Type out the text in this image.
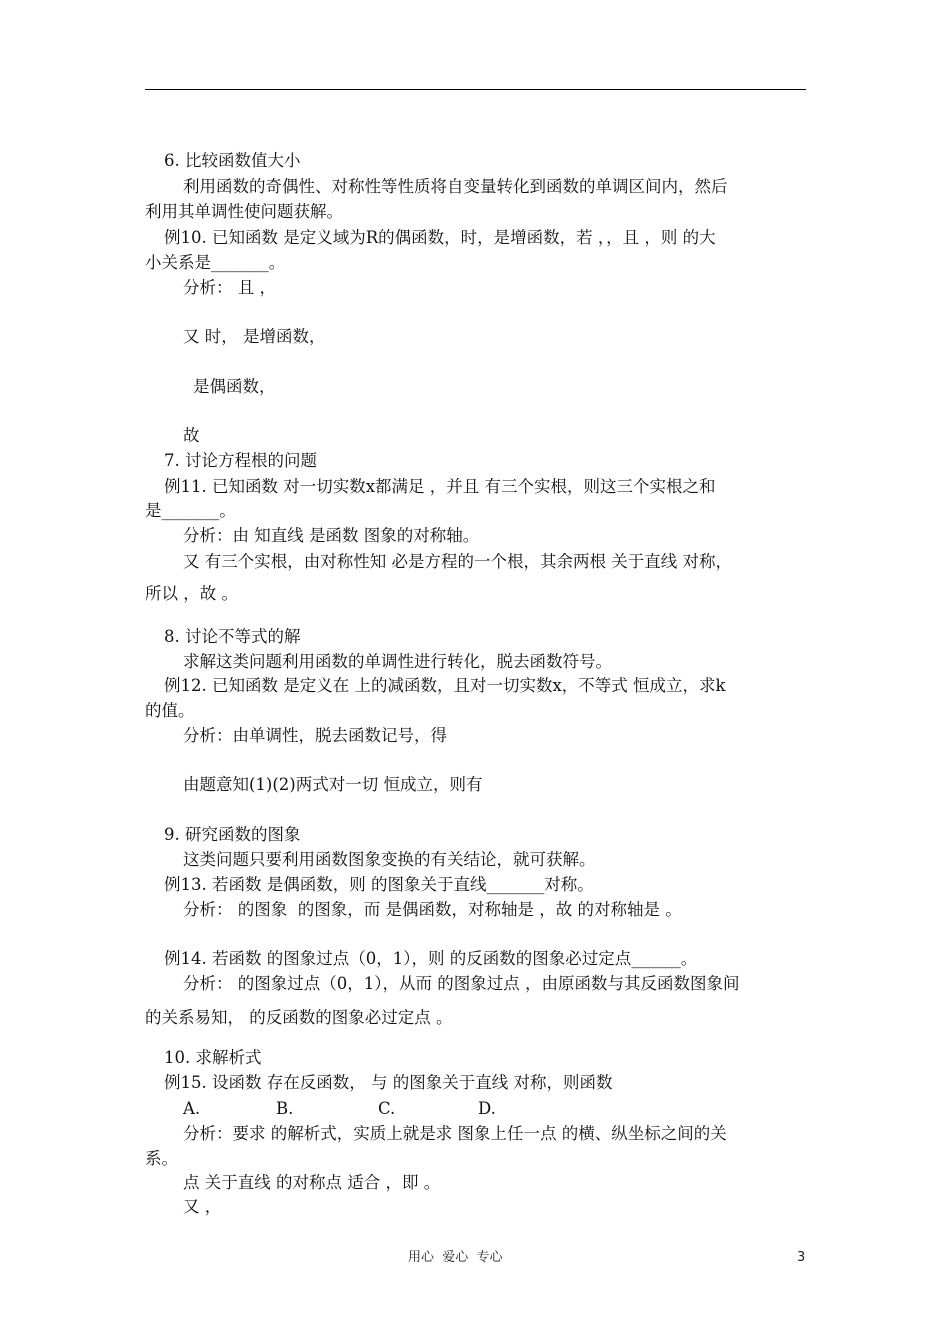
6. 比较函数值大小
利用函数的奇偶性、对称性等性质将自变量转化到函数的单调区间内，然后
利用其单调性使问题获解。
例10. 已知函数 是定义域为R的偶函数，时，是增函数，若 ，，且 ，则 的大
小关系是_______。
分析： 且 ，
又 时， 是增函数，
是偶函数，
故
7. 讨论方程根的问题
例11. 已知函数 对一切实数x都满足 ，并且 有三个实根，则这三个实根之和
是_______。
分析：由 知直线 是函数 图象的对称轴。
又 有三个实根，由对称性知 必是方程的一个根，其余两根 关于直线 对称，
所以 ，故 。
8. 讨论不等式的解
求解这类问题利用函数的单调性进行转化，脱去函数符号。
例12. 已知函数 是定义在 上的减函数，且对一切实数x，不等式 恒成立，求k
的值。
分析：由单调性，脱去函数记号，得
由题意知(1)(2)两式对一切 恒成立，则有
9. 研究函数的图象
这类问题只要利用函数图象变换的有关结论，就可获解。
例13. 若函数 是偶函数，则 的图象关于直线_______对称。
分析： 的图象  的图象，而 是偶函数，对称轴是 ，故 的对称轴是 。
例14. 若函数 的图象过点（0，1），则 的反函数的图象必过定点______。
分析： 的图象过点（0，1），从而 的图象过点 ，由原函数与其反函数图象间
的关系易知， 的反函数的图象必过定点 。
10. 求解析式
例15. 设函数 存在反函数， 与 的图象关于直线 对称，则函数
A.	B.	C.	D.
分析：要求 的解析式，实质上就是求 图象上任一点 的横、纵坐标之间的关
系。
点 关于直线 的对称点 适合 ，即 。
又 ，
用心  爱心  专心	3
